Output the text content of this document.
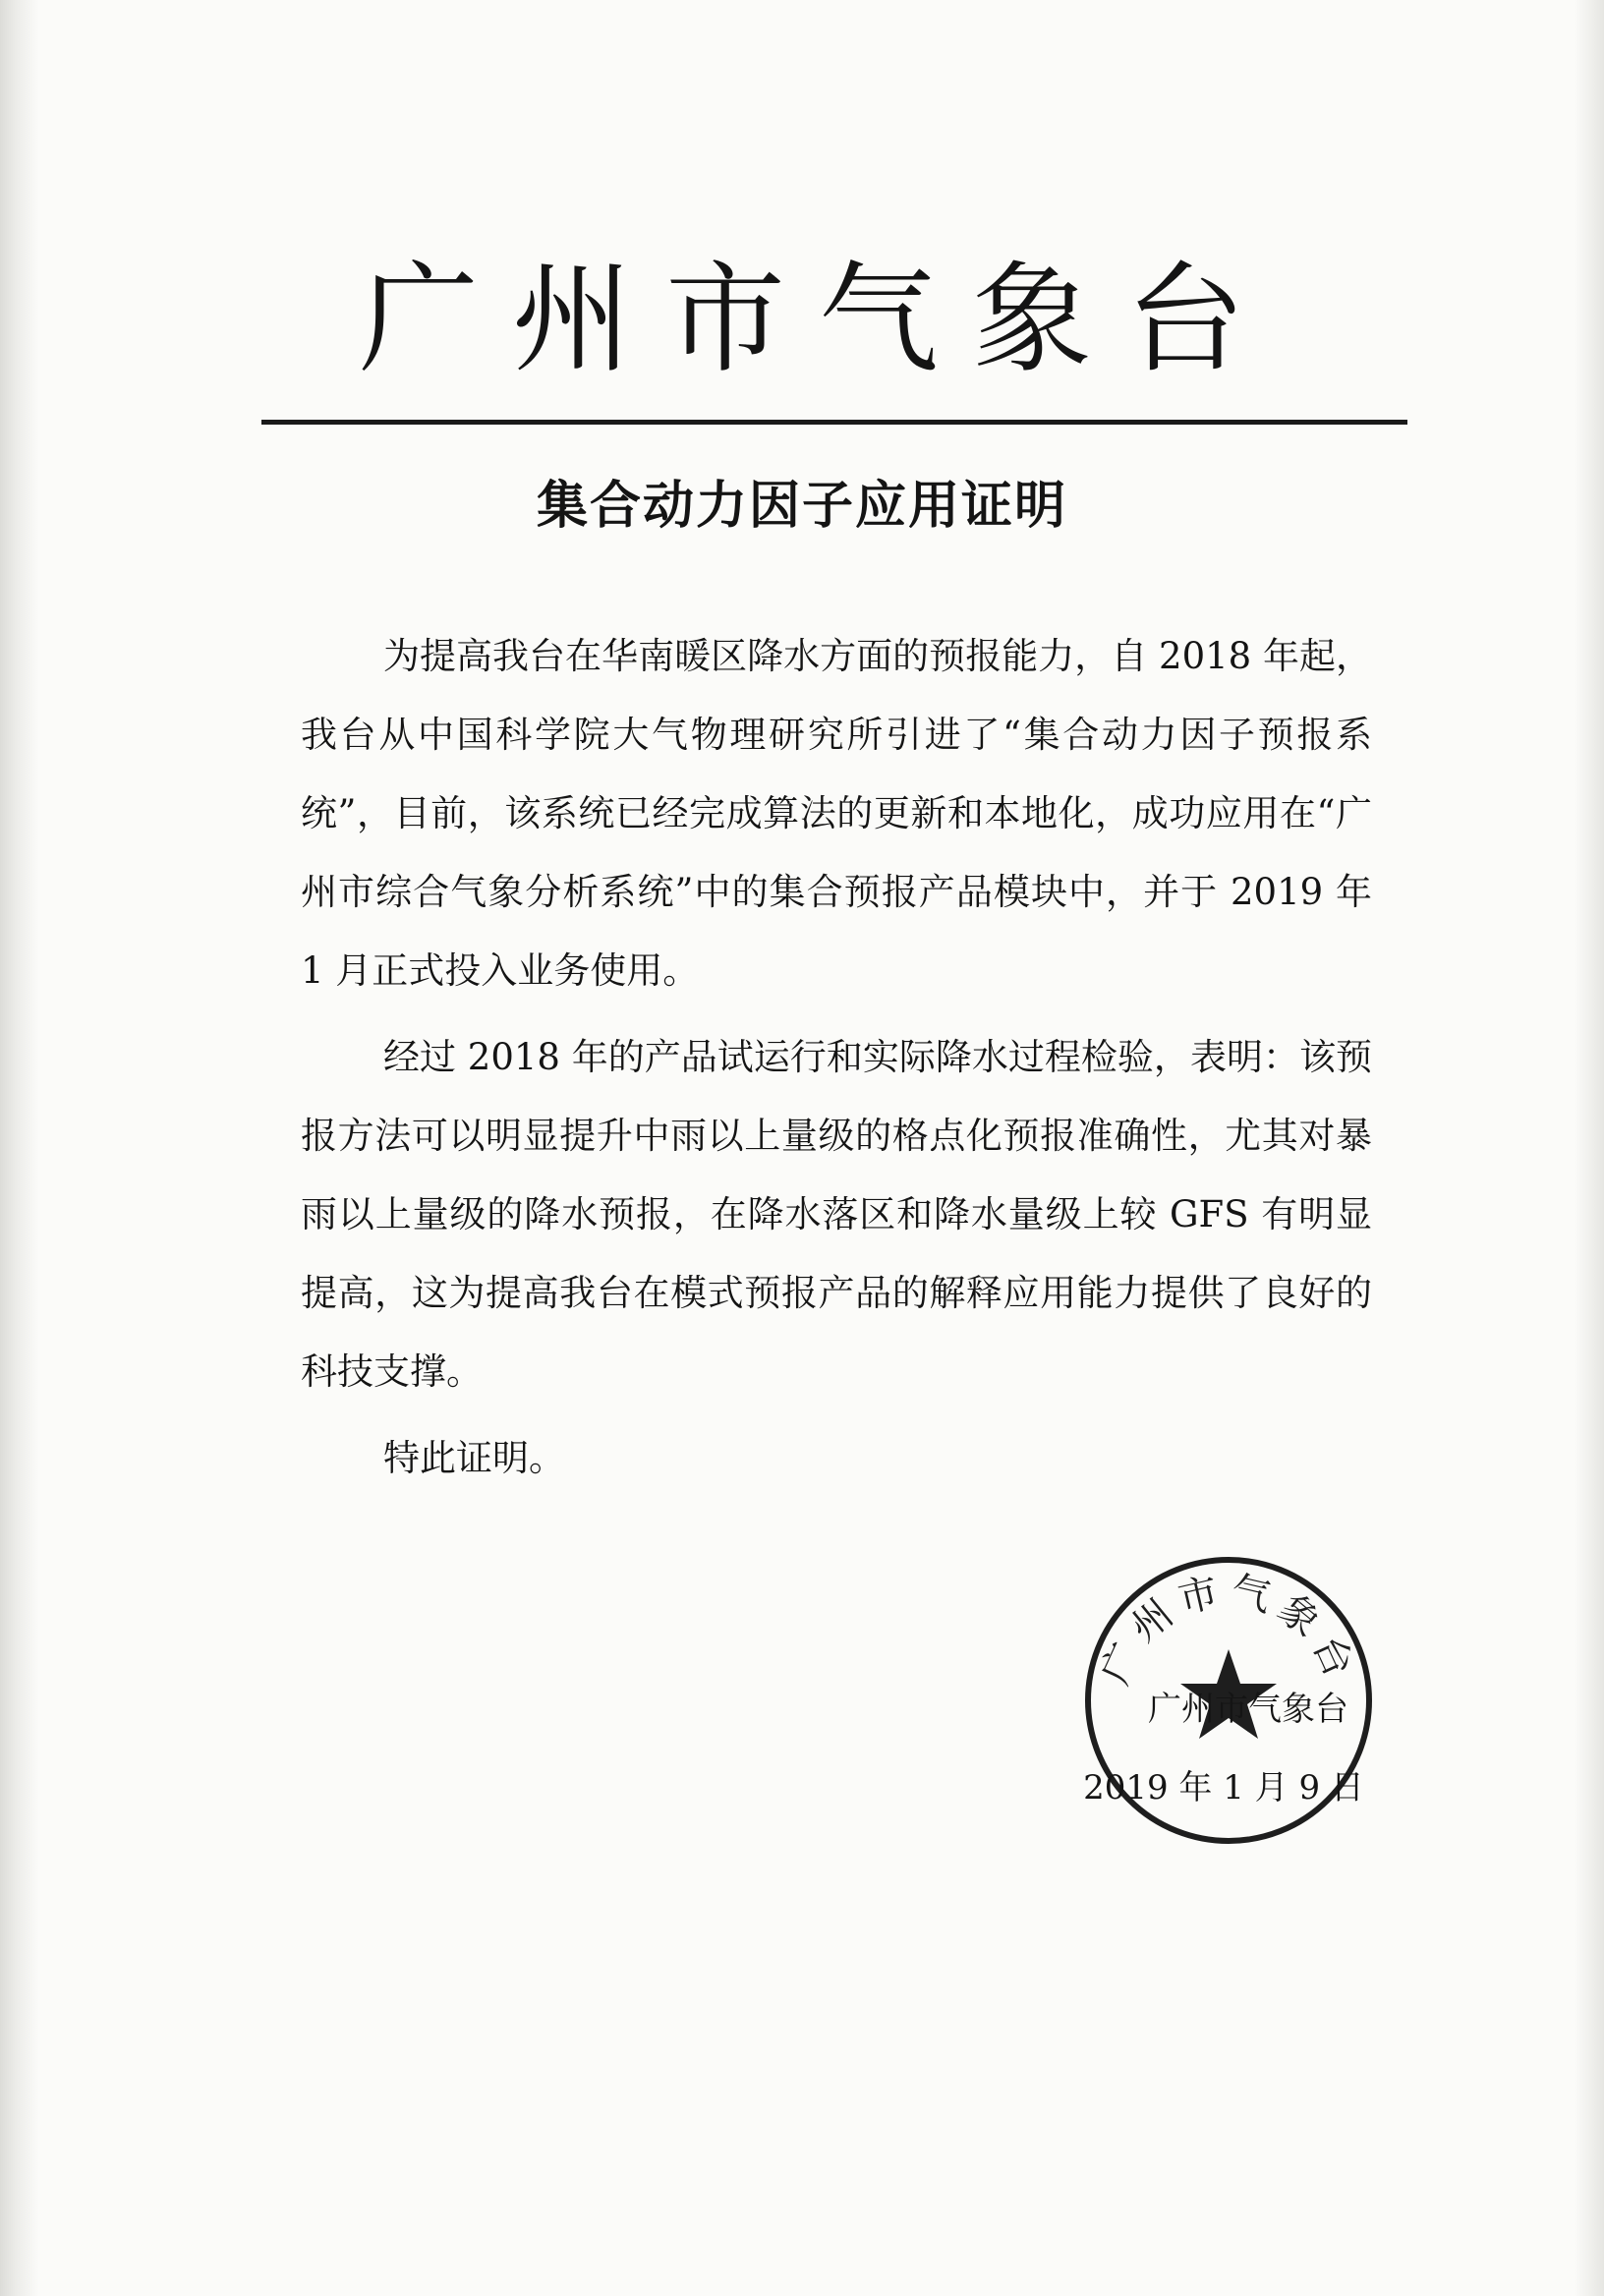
广州市气象台
集合动力因子应用证明

为提高我台在华南暖区降水方面的预报能力，自 2018 年起，我台从中国科学院大气物理研究所引进了“集合动力因子预报系统”，目前，该系统已经完成算法的更新和本地化，成功应用在“广州市综合气象分析系统”中的集合预报产品模块中，并于 2019 年 1 月正式投入业务使用。

经过 2018 年的产品试运行和实际降水过程检验，表明：该预报方法可以明显提升中雨以上量级的格点化预报准确性，尤其对暴雨以上量级的降水预报，在降水落区和降水量级上较 GFS 有明显提高，这为提高我台在模式预报产品的解释应用能力提供了良好的科技支撑。

特此证明。

广州市气象台
广州市气象台
2019 年 1 月 9 日
